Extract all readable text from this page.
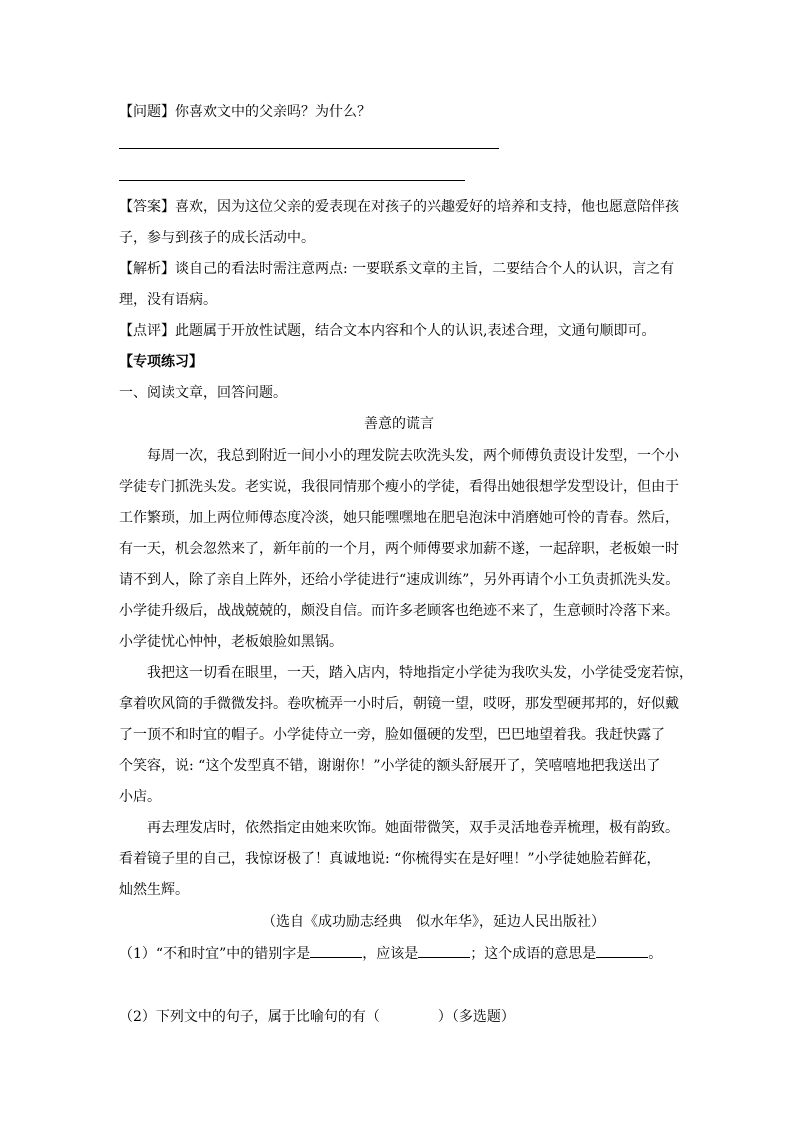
【问题】你喜欢文中的父亲吗？为什么？
【答案】喜欢，因为这位父亲的爱表现在对孩子的兴趣爱好的培养和支持，他也愿意陪伴孩
子，参与到孩子的成长活动中。
【解析】谈自己的看法时需注意两点: 一要联系文章的主旨，二要结合个人的认识，言之有
理，没有语病。
【点评】此题属于开放性试题，结合文本内容和个人的认识,表述合理，文通句顺即可。
【专项练习】
一、阅读文章，回答问题。
善意的谎言
每周一次，我总到附近一间小小的理发院去吹洗头发，两个师傅负责设计发型，一个小
学徒专门抓洗头发。老实说，我很同情那个瘦小的学徒，看得出她很想学发型设计，但由于
工作繁琐，加上两位师傅态度冷淡，她只能嘿嘿地在肥皂泡沫中消磨她可怜的青春。然后，
有一天，机会忽然来了，新年前的一个月，两个师傅要求加薪不遂，一起辞职，老板娘一时
请不到人，除了亲自上阵外，还给小学徒进行“速成训练”，另外再请个小工负责抓洗头发。
小学徒升级后，战战兢兢的，颇没自信。而许多老顾客也绝迹不来了，生意顿时冷落下来。
小学徒忧心忡忡，老板娘脸如黑锅。
我把这一切看在眼里，一天，踏入店内，特地指定小学徒为我吹头发，小学徒受宠若惊，
拿着吹风筒的手微微发抖。卷吹梳弄一小时后，朝镜一望，哎呀，那发型硬邦邦的，好似戴
了一顶不和时宜的帽子。小学徒侍立一旁，脸如僵硬的发型，巴巴地望着我。我赶快露了
个笑容，说: “这个发型真不错，谢谢你！”小学徒的额头舒展开了，笑嘻嘻地把我送出了
小店。
再去理发店时，依然指定由她来吹饰。她面带微笑，双手灵活地卷弄梳理，极有韵致。
看着镜子里的自己，我惊讶极了！真诚地说: “你梳得实在是好哩！”小学徒她脸若鲜花，
灿然生辉。
（选自《成功励志经典　似水年华》，延边人民出版社）
（1）“不和时宜”中的错别字是	，应该是	；这个成语的意思是	。
（2）下列文中的句子，属于比喻句的有（	）（多选题）
